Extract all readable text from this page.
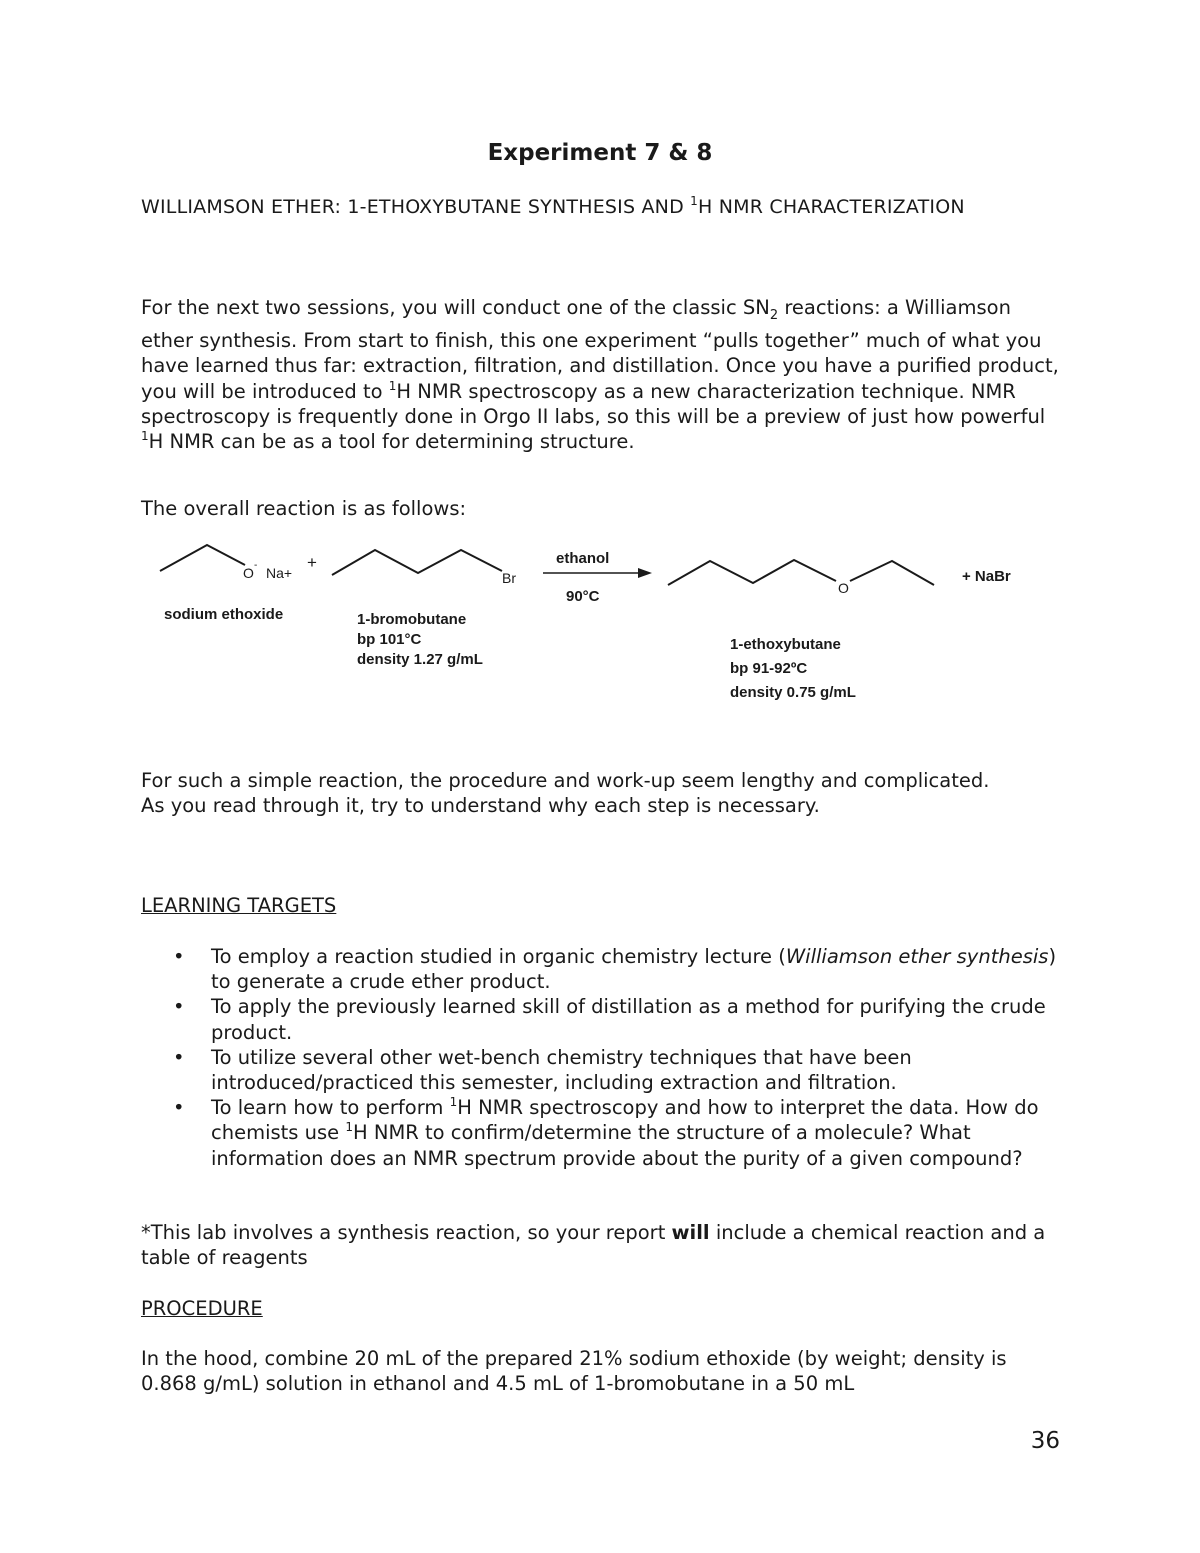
Experiment 7 & 8
WILLIAMSON ETHER: 1-ETHOXYBUTANE SYNTHESIS AND $^1$H NMR CHARACTERIZATION
For the next two sessions, you will conduct one of the classic $SN_2$ reactions: a Williamson ether synthesis. From start to finish, this one experiment “pulls together” much of what you have learned thus far: extraction, filtration, and distillation. Once you have a purified product, you will be introduced to $^1$H NMR spectroscopy as a new characterization technique. NMR spectroscopy is frequently done in Orgo II labs, so this will be a preview of just how powerful $^1$H NMR can be as a tool for determining structure.
The overall reaction is as follows:
O - Na+
+
Br
ethanol
90°C	O
+ NaBr
sodium ethoxide	1-bromobutane
bp 101°C
density 1.27 g/mL
1-ethoxybutane
bp 91-92ºC
density 0.75 g/mL

For such a simple reaction, the procedure and work-up seem lengthy and complicated.

As you read through it, try to understand why each step is necessary.

LEARNING TARGETS
• To employ a reaction studied in organic chemistry lecture (Williamson ether synthesis) to generate a crude ether product.
• To apply the previously learned skill of distillation as a method for purifying the crude product.
• To utilize several other wet-bench chemistry techniques that have been introduced/practiced this semester, including extraction and filtration.
• To learn how to perform $^1$H NMR spectroscopy and how to interpret the data. How do chemists use $^1$H NMR to confirm/determine the structure of a molecule? What information does an NMR spectrum provide about the purity of a given compound?
*This lab involves a synthesis reaction, so your report will include a chemical reaction and a table of reagents
PROCEDURE
In the hood, combine 20 mL of the prepared 21% sodium ethoxide (by weight; density is 0.868 g/mL) solution in ethanol and 4.5 mL of 1-bromobutane in a 50 mL
36
